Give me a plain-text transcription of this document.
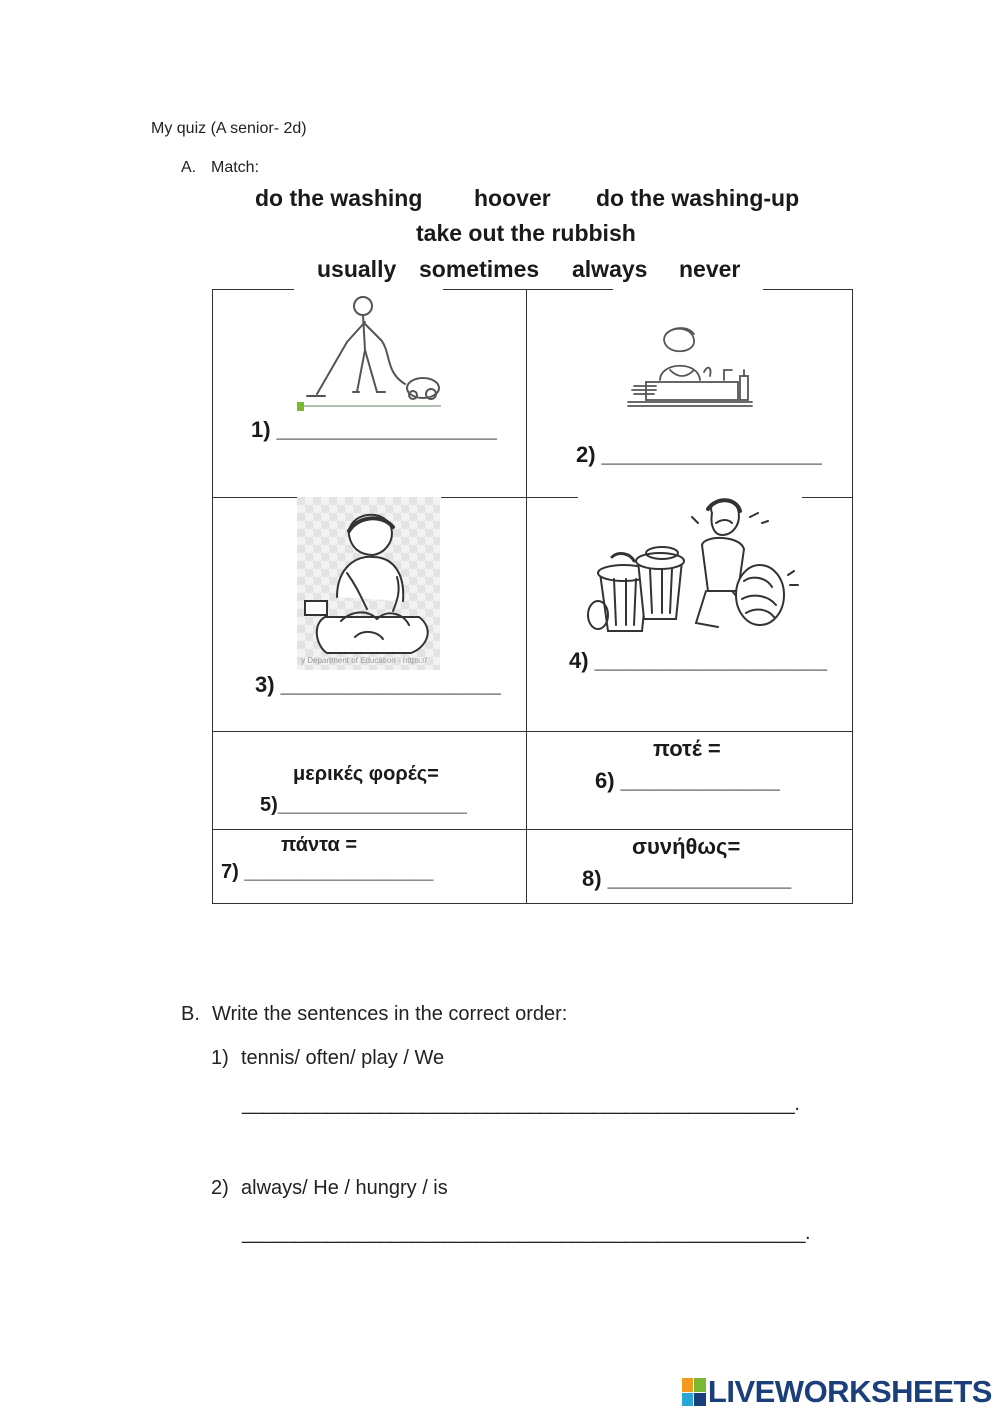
My quiz (A senior- 2d)
A. Match:
do the washing hoover do the washing-up
take out the rubbish
usually sometimes always never
y Department of Education - https://
1) __________________
2) __________________
3) __________________
4) ___________________
μερικές φορές=
5)_________________
ποτέ =
6) _____________
πάντα =
7) _________________
συνήθως=
8) _______________
B. Write the sentences in the correct order:
1) tennis/ often/ play / We
____________________________________________________.
2) always/ He / hungry / is
_____________________________________________________.
LIVEWORKSHEETS
